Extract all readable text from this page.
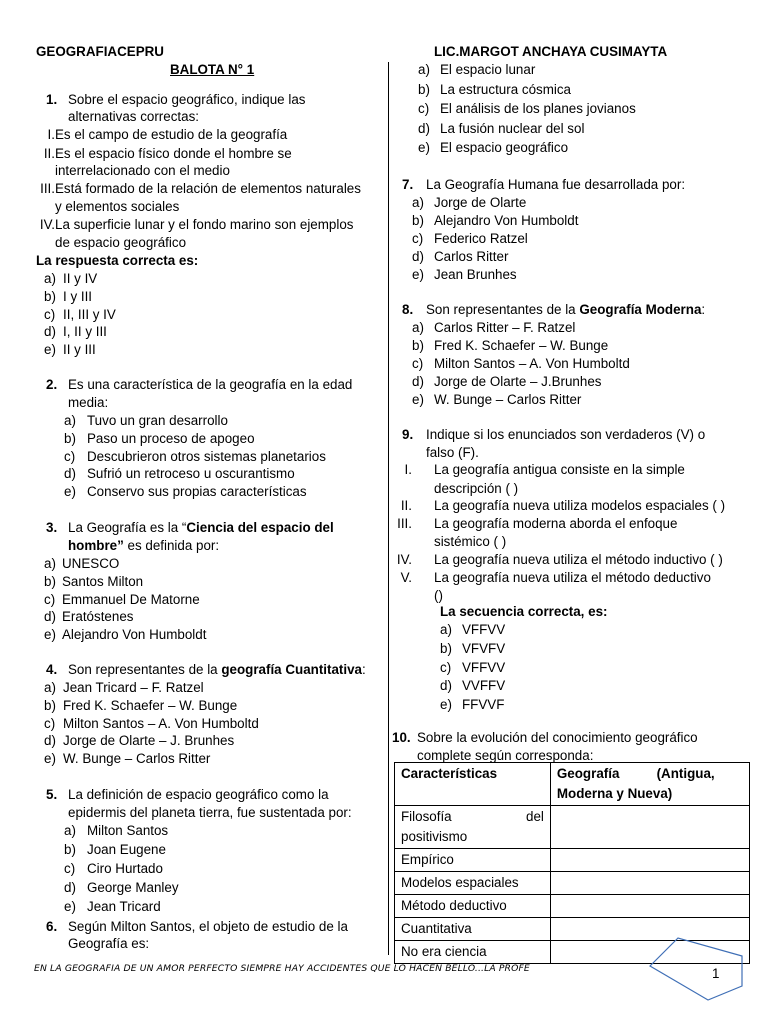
GEOGRAFIACEPRU	LIC.MARGOT ANCHAYA CUSIMAYTA
BALOTA N° 1
1. Sobre el espacio geográfico, indique las
alternativas correctas:
I. Es el campo de estudio de la geografía
II. Es el espacio físico donde el hombre se
interrelacionado con el medio
III. Está formado de la relación de elementos naturales
y elementos sociales
IV. La superficie lunar y el fondo marino son ejemplos
de espacio geográfico
La respuesta correcta es:
a) II y IV
b) I y III
c) II, III y IV
d) I, II y III
e) II y III
2. Es una característica de la geografía en la edad
media:
a) Tuvo un gran desarrollo
b) Paso un proceso de apogeo
c) Descubrieron otros sistemas planetarios
d) Sufrió un retroceso u oscurantismo
e) Conservo sus propias características
3. La Geografía es la “Ciencia del espacio del
hombre” es definida por:
a) UNESCO
b) Santos Milton
c) Emmanuel De Matorne
d) Eratóstenes
e) Alejandro Von Humboldt
4. Son representantes de la geografía Cuantitativa:
a) Jean Tricard – F. Ratzel
b) Fred K. Schaefer – W. Bunge
c) Milton Santos – A. Von Humboltd
d) Jorge de Olarte – J. Brunhes
e) W. Bunge – Carlos Ritter
5. La definición de espacio geográfico como la
epidermis del planeta tierra, fue sustentada por:
a) Milton Santos
b) Joan Eugene
c) Ciro Hurtado
d) George Manley
e) Jean Tricard
6. Según Milton Santos, el objeto de estudio de la
Geografía es:
a) El espacio lunar
b) La estructura cósmica
c) El análisis de los planes jovianos
d) La fusión nuclear del sol
e) El espacio geográfico
7. La Geografía Humana fue desarrollada por:
a) Jorge de Olarte
b) Alejandro Von Humboldt
c) Federico Ratzel
d) Carlos Ritter
e) Jean Brunhes
8. Son representantes de la Geografía Moderna:
a) Carlos Ritter – F. Ratzel
b) Fred K. Schaefer – W. Bunge
c) Milton Santos – A. Von Humboltd
d) Jorge de Olarte – J.Brunhes
e) W. Bunge – Carlos Ritter
9. Indique si los enunciados son verdaderos (V) o
falso (F).
I. La geografía antigua consiste en la simple
descripción ( )
II. La geografía nueva utiliza modelos espaciales ( )
III. La geografía moderna aborda el enfoque
sistémico ( )
IV. La geografía nueva utiliza el método inductivo ( )
V. La geografía nueva utiliza el método deductivo
()
La secuencia correcta, es:
a) VFFVV
b) VFVFV
c) VFFVV
d) VVFFV
e) FFVVF
10. Sobre la evolución del conocimiento geográfico
complete según corresponda:
Características	Geografía          (Antigua,
Moderna y Nueva)

Filosofía                    del
positivismo	

Empírico	
Modelos espaciales	
Método deductivo	
Cuantitativa	
No era ciencia	
EN LA GEOGRAFIA DE UN AMOR PERFECTO SIEMPRE HAY ACCIDENTES QUE LO HACEN BELLO...LA PROFE	1
